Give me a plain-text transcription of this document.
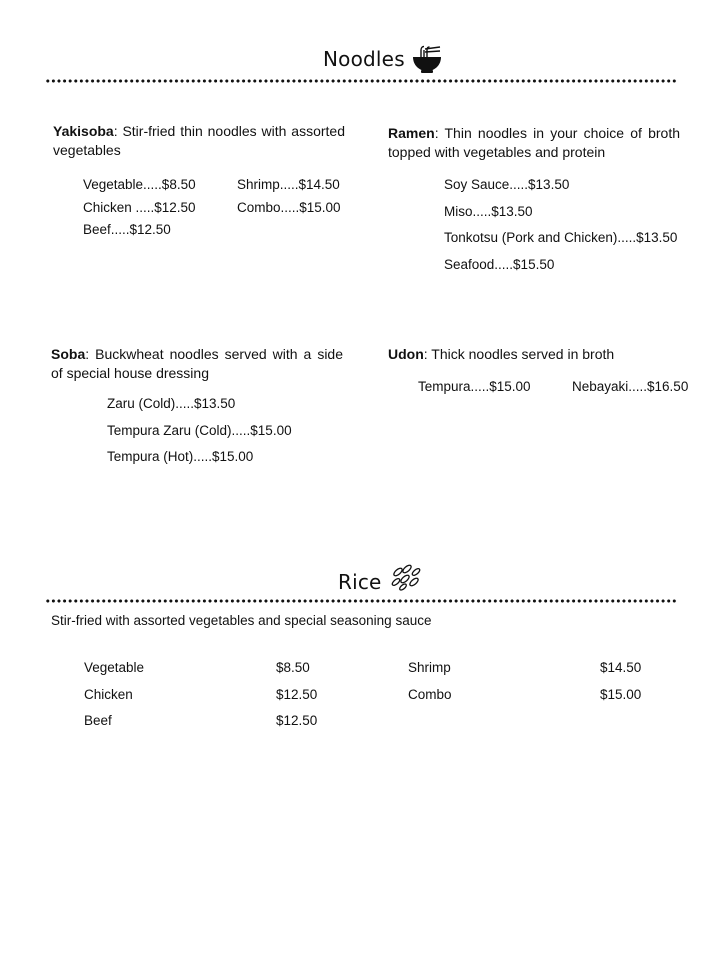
Noodles
Yakisoba: Stir-fried thin noodles with assorted vegetables
Vegetable.....$8.50
Chicken .....$12.50
Beef.....$12.50
Shrimp.....$14.50
Combo.....$15.00
Ramen: Thin noodles in your choice of broth topped with vegetables and protein
Soy Sauce.....$13.50
Miso.....$13.50
Tonkotsu (Pork and Chicken).....$13.50
Seafood.....$15.50
Soba: Buckwheat noodles served with a side of special house dressing
Zaru (Cold).....$13.50
Tempura Zaru (Cold).....$15.00
Tempura (Hot).....$15.00
Udon: Thick noodles served in broth
Tempura.....$15.00	Nebayaki.....$16.50
Rice
Stir-fried with assorted vegetables and special seasoning sauce
Vegetable	$8.50
Chicken	$12.50
Beef	$12.50
Shrimp	$14.50
Combo	$15.00
